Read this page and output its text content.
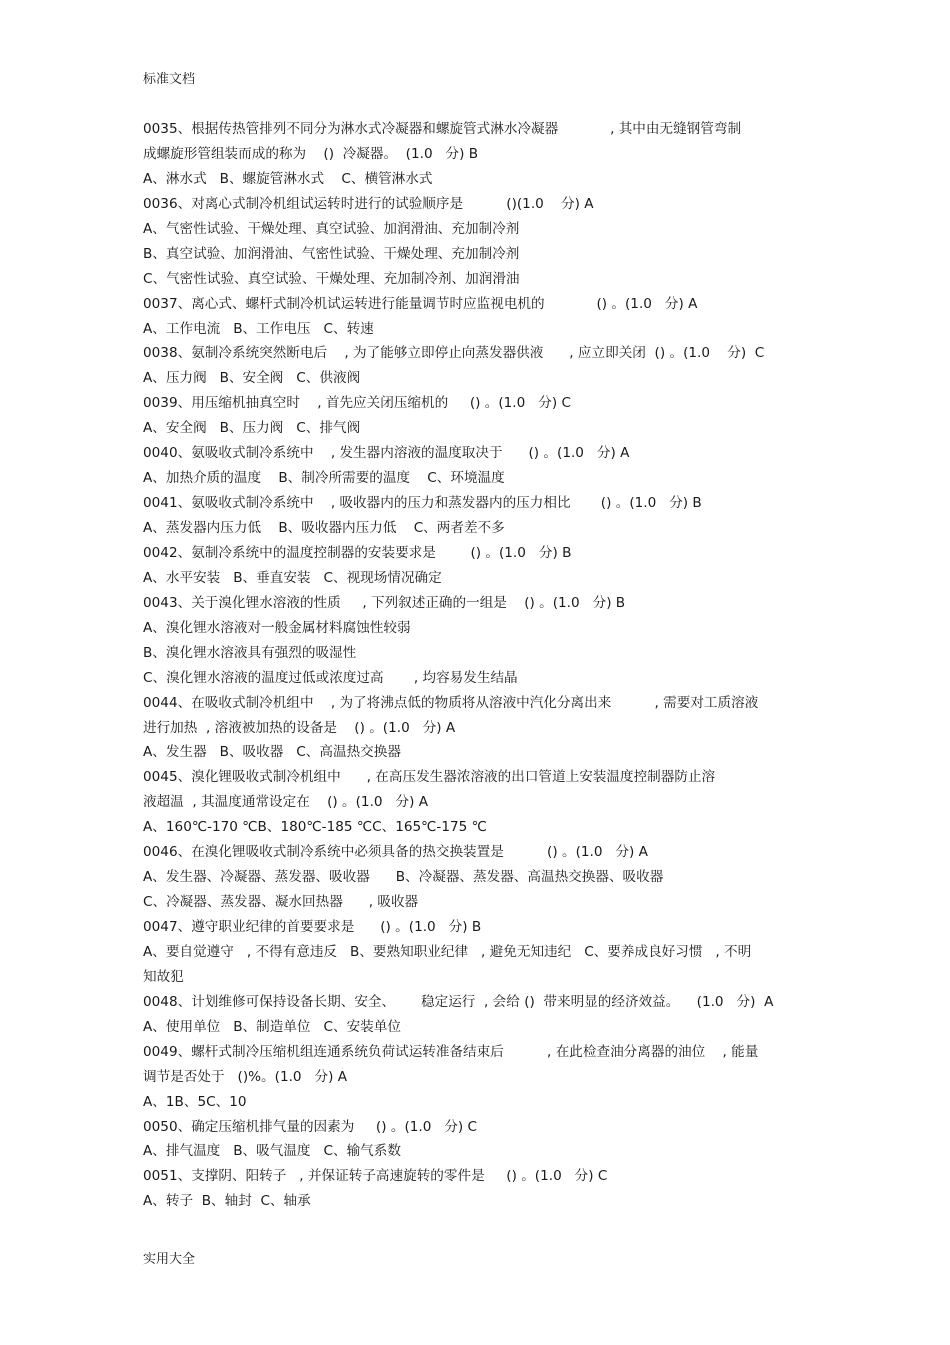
标准文档
0035、根据传热管排列不同分为淋水式冷凝器和螺旋管式淋水冷凝器            , 其中由无缝钢管弯制
成螺旋形管组装而成的称为    ()  冷凝器。  (1.0   分) B
A、淋水式   B、螺旋管淋水式    C、横管淋水式
0036、对离心式制冷机组试运转时进行的试验顺序是          ()(1.0    分) A
A、气密性试验、干燥处理、真空试验、加润滑油、充加制冷剂
B、真空试验、加润滑油、气密性试验、干燥处理、充加制冷剂
C、气密性试验、真空试验、干燥处理、充加制冷剂、加润滑油
0037、离心式、螺杆式制冷机试运转进行能量调节时应监视电机的            () 。(1.0   分) A
A、工作电流   B、工作电压   C、转速
0038、氨制冷系统突然断电后    , 为了能够立即停止向蒸发器供液      , 应立即关闭  () 。(1.0    分)  C
A、压力阀   B、安全阀   C、供液阀
0039、用压缩机抽真空时    , 首先应关闭压缩机的     () 。(1.0   分) C
A、安全阀   B、压力阀   C、排气阀
0040、氨吸收式制冷系统中    , 发生器内溶液的温度取决于      () 。(1.0   分) A
A、加热介质的温度    B、制冷所需要的温度    C、环境温度
0041、氨吸收式制冷系统中    , 吸收器内的压力和蒸发器内的压力相比       () 。(1.0   分) B
A、蒸发器内压力低    B、吸收器内压力低    C、两者差不多
0042、氨制冷系统中的温度控制器的安装要求是        () 。(1.0   分) B
A、水平安装   B、垂直安装   C、视现场情况确定
0043、关于溴化锂水溶液的性质     , 下列叙述正确的一组是    () 。(1.0   分) B
A、溴化锂水溶液对一般金属材料腐蚀性较弱
B、溴化锂水溶液具有强烈的吸湿性
C、溴化锂水溶液的温度过低或浓度过高       , 均容易发生结晶
0044、在吸收式制冷机组中    , 为了将沸点低的物质将从溶液中汽化分离出来          , 需要对工质溶液
进行加热  , 溶液被加热的设备是    () 。(1.0   分) A
A、发生器   B、吸收器   C、高温热交换器
0045、溴化锂吸收式制冷机组中      , 在高压发生器浓溶液的出口管道上安装温度控制器防止溶
液超温  , 其温度通常设定在    () 。(1.0   分) A
A、160℃-170 ℃B、180℃-185 ℃C、165℃-175 ℃
0046、在溴化锂吸收式制冷系统中必须具备的热交换装置是          () 。(1.0   分) A
A、发生器、冷凝器、蒸发器、吸收器      B、冷凝器、蒸发器、高温热交换器、吸收器
C、冷凝器、蒸发器、凝水回热器      , 吸收器
0047、遵守职业纪律的首要要求是      () 。(1.0   分) B
A、要自觉遵守   , 不得有意违反   B、要熟知职业纪律   , 避免无知违纪   C、要养成良好习惯   , 不明
知故犯
0048、计划维修可保持设备长期、安全、      稳定运行  , 会给 ()  带来明显的经济效益。    (1.0   分)  A
A、使用单位   B、制造单位   C、安装单位
0049、螺杆式制冷压缩机组连通系统负荷试运转准备结束后          , 在此检查油分离器的油位    , 能量
调节是否处于   ()%。(1.0   分) A
A、1B、5C、10
0050、确定压缩机排气量的因素为     () 。(1.0   分) C
A、排气温度   B、吸气温度   C、输气系数
0051、支撑阴、阳转子   , 并保证转子高速旋转的零件是     () 。(1.0   分) C
A、转子  B、轴封  C、轴承
实用大全
